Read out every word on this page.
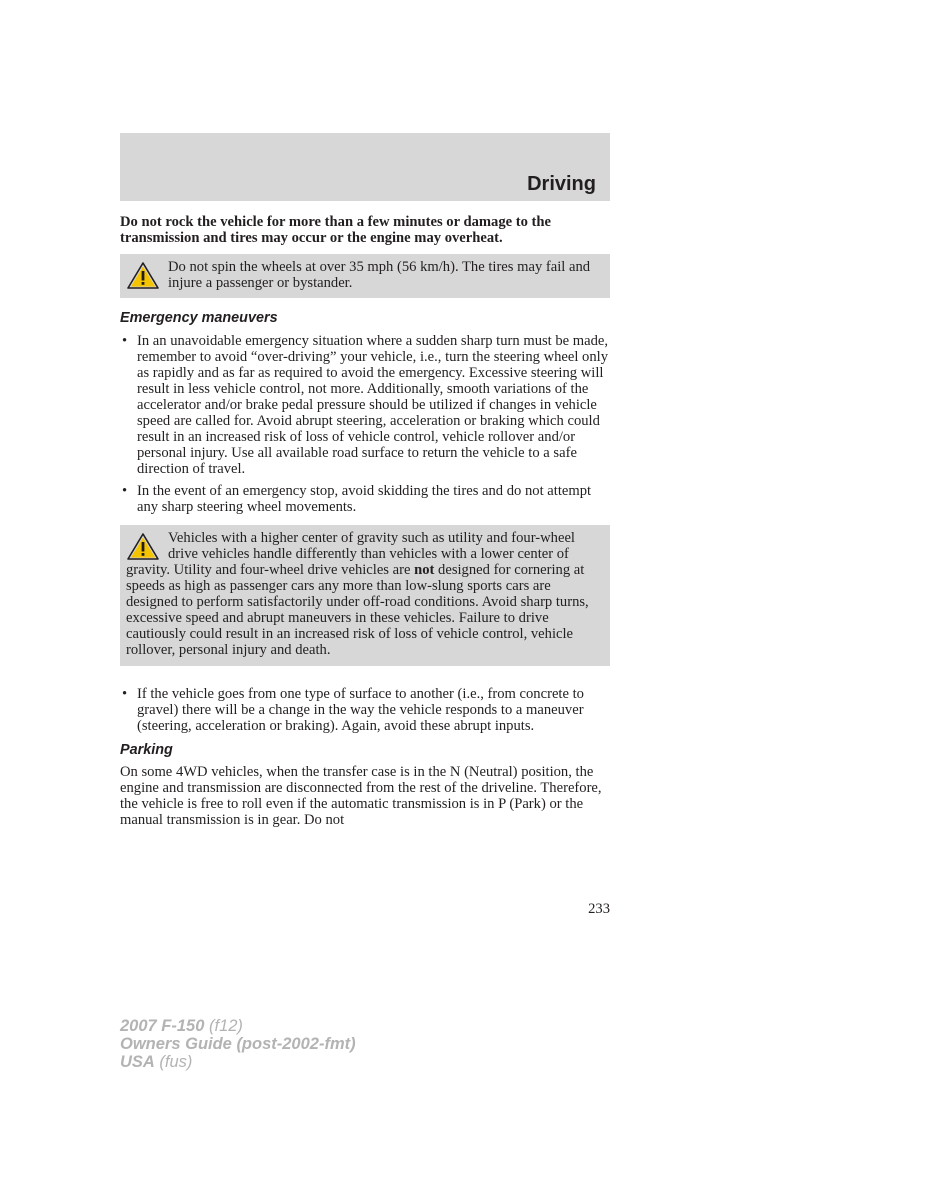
Driving

Do not rock the vehicle for more than a few minutes or damage to the transmission and tires may occur or the engine may overheat.

Do not spin the wheels at over 35 mph (56 km/h). The tires may fail and injure a passenger or bystander.

Emergency maneuvers
• In an unavoidable emergency situation where a sudden sharp turn must be made, remember to avoid “over-driving” your vehicle, i.e., turn the steering wheel only as rapidly and as far as required to avoid the emergency. Excessive steering will result in less vehicle control, not more. Additionally, smooth variations of the accelerator and/or brake pedal pressure should be utilized if changes in vehicle speed are called for. Avoid abrupt steering, acceleration or braking which could result in an increased risk of loss of vehicle control, vehicle rollover and/or personal injury. Use all available road surface to return the vehicle to a safe direction of travel.
• In the event of an emergency stop, avoid skidding the tires and do not attempt any sharp steering wheel movements.

Vehicles with a higher center of gravity such as utility and four-wheel drive vehicles handle differently than vehicles with a lower center of gravity. Utility and four-wheel drive vehicles are not designed for cornering at speeds as high as passenger cars any more than low-slung sports cars are designed to perform satisfactorily under off-road conditions. Avoid sharp turns, excessive speed and abrupt maneuvers in these vehicles. Failure to drive cautiously could result in an increased risk of loss of vehicle control, vehicle rollover, personal injury and death.

• If the vehicle goes from one type of surface to another (i.e., from concrete to gravel) there will be a change in the way the vehicle responds to a maneuver (steering, acceleration or braking). Again, avoid these abrupt inputs.
Parking

On some 4WD vehicles, when the transfer case is in the N (Neutral) position, the engine and transmission are disconnected from the rest of the driveline. Therefore, the vehicle is free to roll even if the automatic transmission is in P (Park) or the manual transmission is in gear. Do not

233
2007 F-150 (f12)
Owners Guide (post-2002-fmt)
USA (fus)
